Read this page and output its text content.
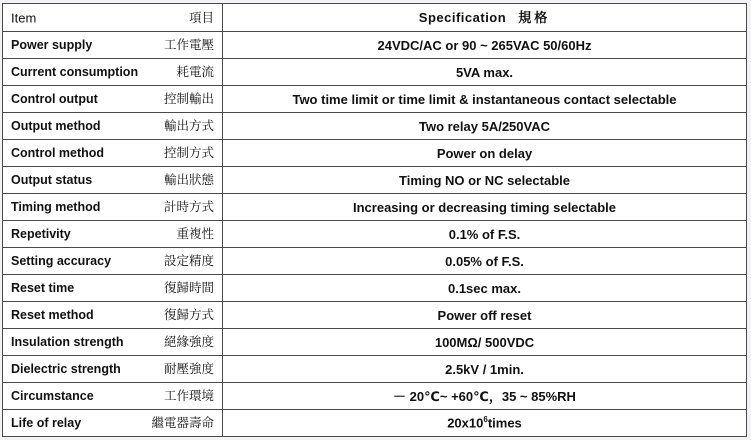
Item 項目	Specification 規格

Power supply 工作電壓	24VDC/AC or 90 ~ 265VAC 50/60Hz

Current consumption 耗電流	5VA max.

Control output 控制輸出	Two time limit or time limit & instantaneous contact selectable

Output method 輸出方式	Two relay 5A/250VAC

Control method 控制方式	Power on delay

Output status 輸出狀態	Timing NO or NC selectable

Timing method 計時方式	Increasing or decreasing timing selectable

Repetivity 重複性	0.1% of F.S.

Setting accuracy 設定精度	0.05% of F.S.

Reset time 復歸時間	0.1sec max.

Reset method 復歸方式	Power off reset

Insulation strength 絕緣強度	100MΩ/ 500VDC

Dielectric strength 耐壓強度	2.5kV / 1min.

Circumstance 工作環境	－ 20℃~ +60℃，35 ~ 85%RH

Life of relay 繼電器壽命	$20x10^6times$
